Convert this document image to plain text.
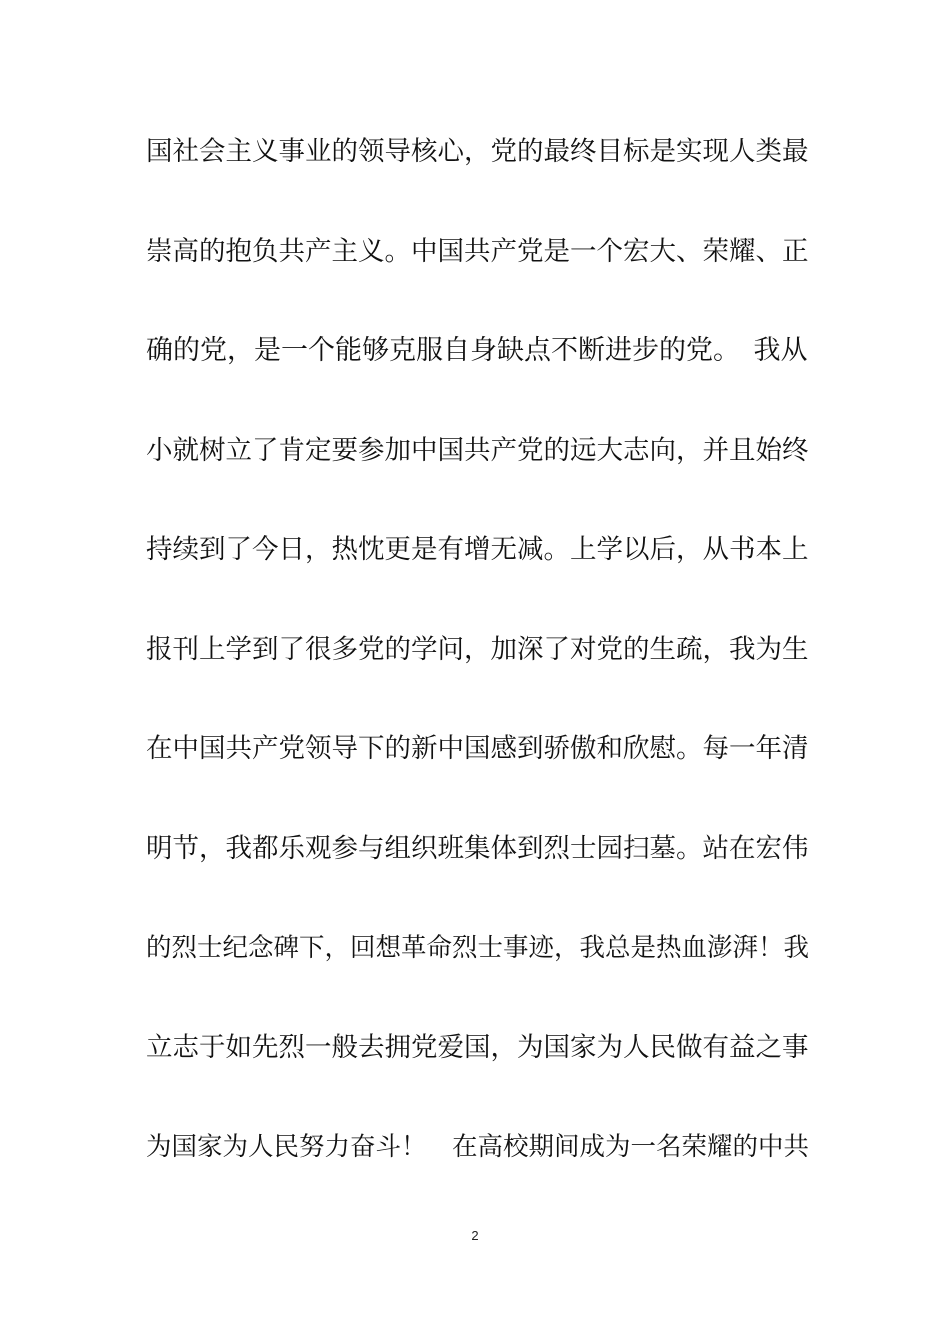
国社会主义事业的领导核心，党的最终目标是实现人类最
崇高的抱负共产主义。中国共产党是一个宏大、荣耀、正
确的党，是一个能够克服自身缺点不断进步的党。　我从
小就树立了肯定要参加中国共产党的远大志向，并且始终
持续到了今日，热忱更是有增无减。上学以后，从书本上
报刊上学到了很多党的学问，加深了对党的生疏，我为生
在中国共产党领导下的新中国感到骄傲和欣慰。每一年清
明节，我都乐观参与组织班集体到烈士园扫墓。站在宏伟
的烈士纪念碑下，回想革命烈士事迹，我总是热血澎湃！我
立志于如先烈一般去拥党爱国，为国家为人民做有益之事
为国家为人民努力奋斗！　在高校期间成为一名荣耀的中共
2
